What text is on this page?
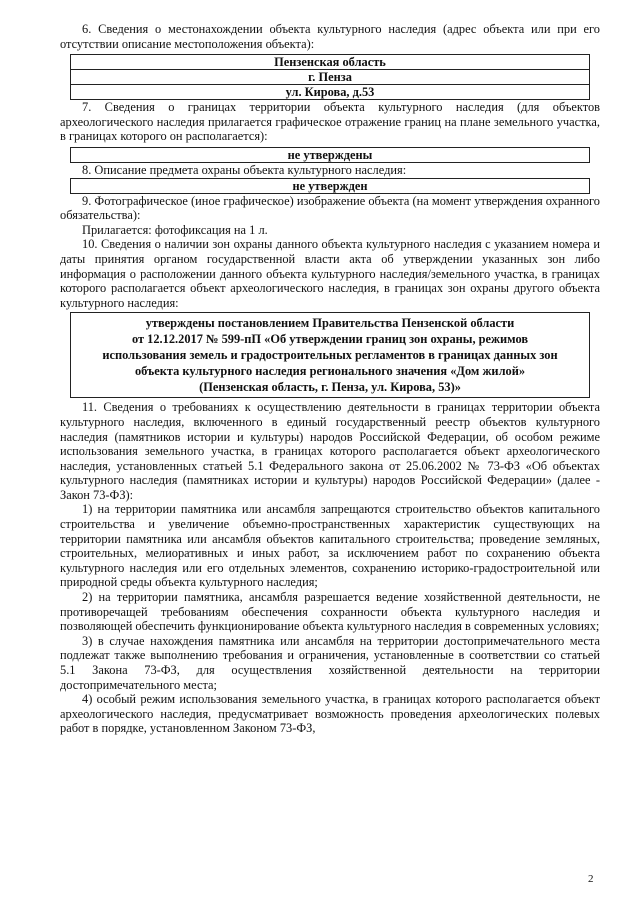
6. Сведения о местонахождении объекта культурного наследия (адрес объекта или при его отсутствии описание местоположения объекта):

Пензенская область
г. Пенза
ул. Кирова, д.53

7. Сведения о границах территории объекта культурного наследия (для объектов археологического наследия прилагается графическое отражение границ на плане земельного участка, в границах которого он располагается):

не утверждены

8. Описание предмета охраны объекта культурного наследия:

не утвержден

9. Фотографическое (иное графическое) изображение объекта (на момент утверждения охранного обязательства):

Прилагается: фотофиксация на 1 л.

10. Сведения о наличии зон охраны данного объекта культурного наследия с указанием номера и даты принятия органом государственной власти акта об утверждении указанных зон либо информация о расположении данного объекта культурного наследия/земельного участка, в границах которого располагается объект археологического наследия, в границах зон охраны другого объекта культурного наследия:

утверждены постановлением Правительства Пензенской области
от 12.12.2017 № 599-пП «Об утверждении границ зон охраны, режимов
использования земель и градостроительных регламентов в границах данных зон
объекта культурного наследия регионального значения «Дом жилой»
(Пензенская область, г. Пенза, ул. Кирова, 53)»

11. Сведения о требованиях к осуществлению деятельности в границах территории объекта культурного наследия, включенного в единый государственный реестр объектов культурного наследия (памятников истории и культуры) народов Российской Федерации, об особом режиме использования земельного участка, в границах которого располагается объект археологического наследия, установленных статьей 5.1 Федерального закона от 25.06.2002 № 73-ФЗ «Об объектах культурного наследия (памятниках истории и культуры) народов Российской Федерации» (далее - Закон 73-ФЗ):

1) на территории памятника или ансамбля запрещаются строительство объектов капитального строительства и увеличение объемно-пространственных характеристик существующих на территории памятника или ансамбля объектов капитального строительства; проведение земляных, строительных, мелиоративных и иных работ, за исключением работ по сохранению объекта культурного наследия или его отдельных элементов, сохранению историко-градостроительной или природной среды объекта культурного наследия;

2) на территории памятника, ансамбля разрешается ведение хозяйственной деятельности, не противоречащей требованиям обеспечения сохранности объекта культурного наследия и позволяющей обеспечить функционирование объекта культурного наследия в современных условиях;

3) в случае нахождения памятника или ансамбля на территории достопримечательного места подлежат также выполнению требования и ограничения, установленные в соответствии со статьей 5.1 Закона 73-ФЗ, для осуществления хозяйственной деятельности на территории достопримечательного места;

4) особый режим использования земельного участка, в границах которого располагается объект археологического наследия, предусматривает возможность проведения археологических полевых работ в порядке, установленном Законом 73-ФЗ,

2
